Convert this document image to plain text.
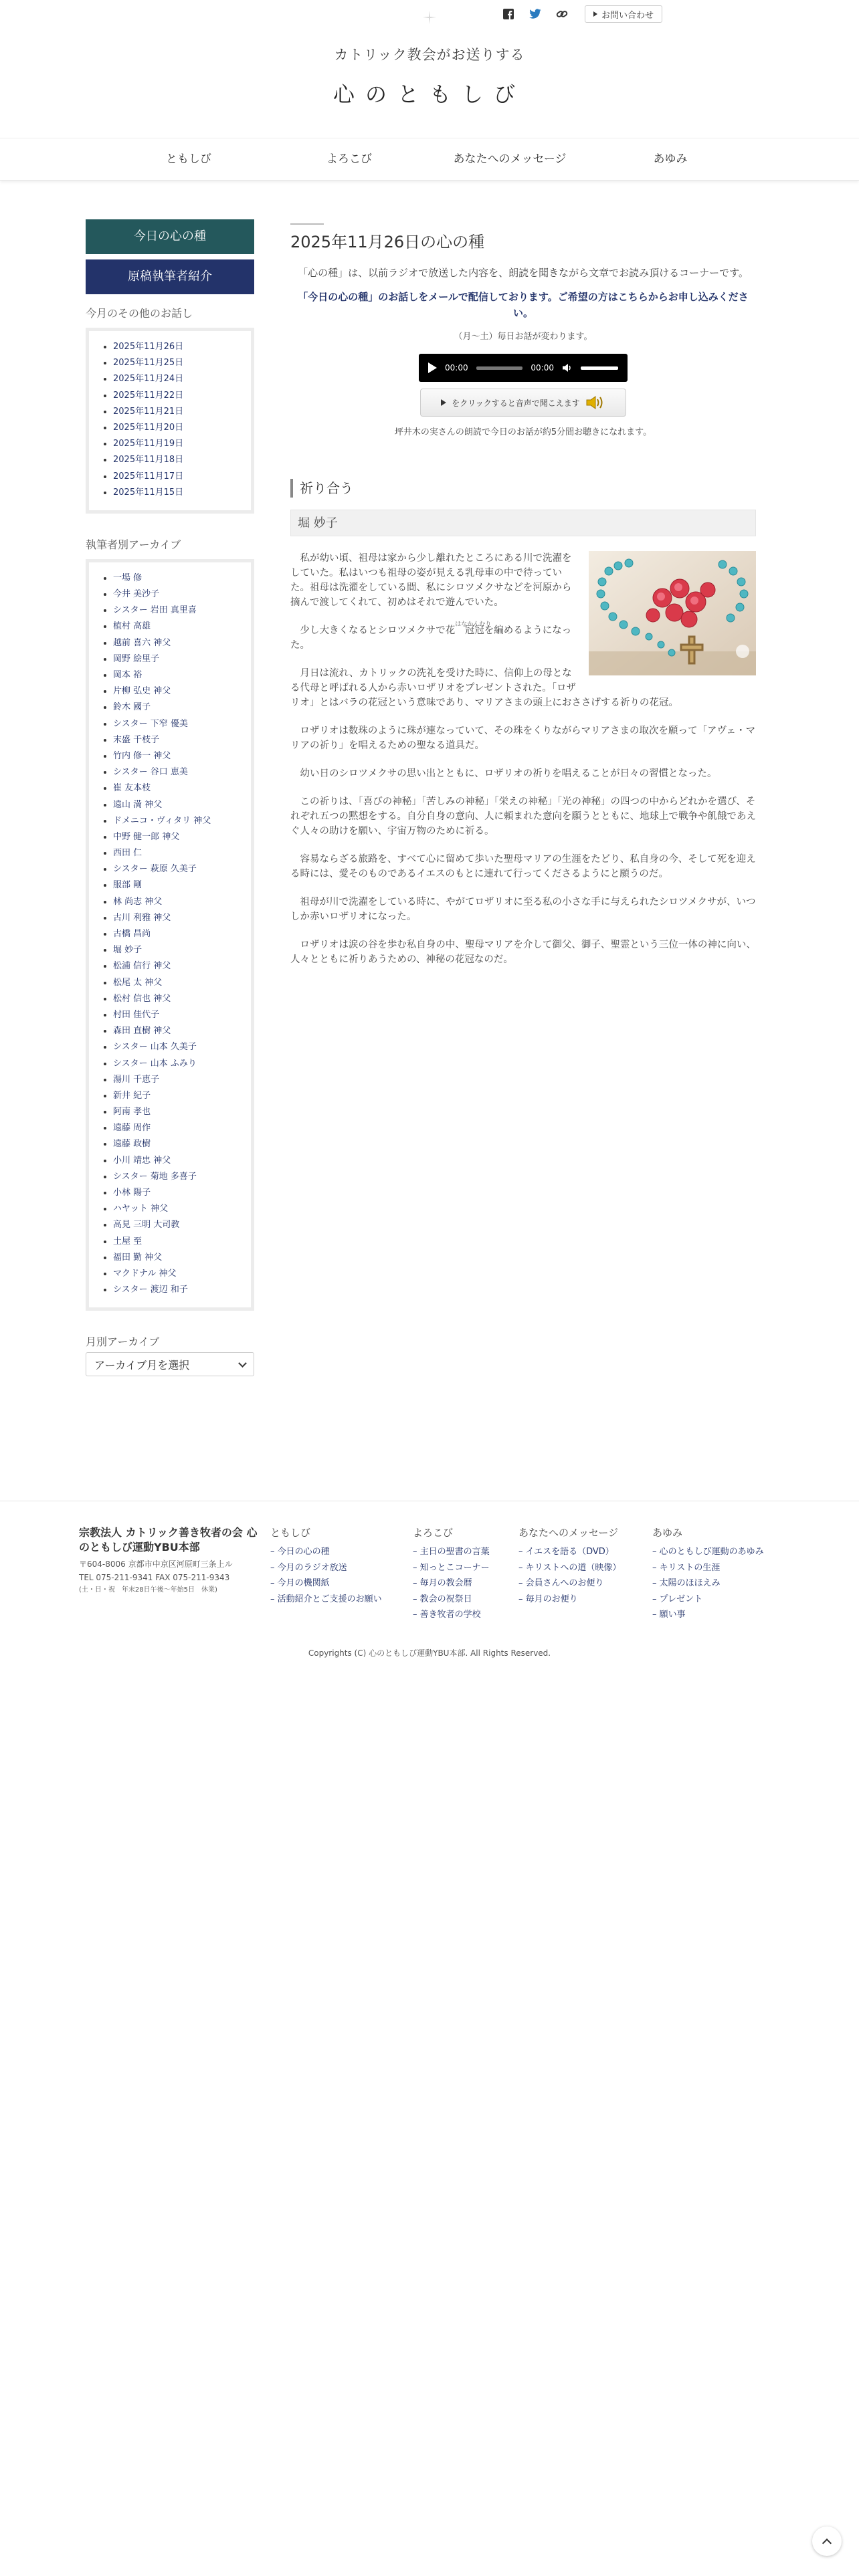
お問い合わせ
カトリック教会がお送りする
心のともしび
ともしび	よろこび	あなたへのメッセージ	あゆみ
今日の心の種
原稿執筆者紹介
今月のその他のお話し
2025年11月26日
2025年11月25日
2025年11月24日
2025年11月22日
2025年11月21日
2025年11月20日
2025年11月19日
2025年11月18日
2025年11月17日
2025年11月15日
執筆者別アーカイブ
一場 修
今井 美沙子
シスター 岩田 真里喜
植村 高雄
越前 喜六 神父
岡野 絵里子
岡本 裕
片柳 弘史 神父
鈴木 國子
シスター 下窄 優美
末盛 千枝子
竹内 修一 神父
シスター 谷口 恵美
崔 友本枝
遠山 満 神父
ドメニコ・ヴィタリ 神父
中野 健一郎 神父
西田 仁
シスター 萩原 久美子
服部 剛
林 尚志 神父
古川 利雅 神父
古橋 昌尚
堀 妙子
松浦 信行 神父
松尾 太 神父
松村 信也 神父
村田 佳代子
森田 直樹 神父
シスター 山本 久美子
シスター 山本 ふみり
湯川 千恵子
新井 紀子
阿南 孝也
遠藤 周作
遠藤 政樹
小川 靖忠 神父
シスター 菊地 多喜子
小林 陽子
ハヤット 神父
高見 三明 大司教
土屋 至
福田 勤 神父
マクドナル 神父
シスター 渡辺 和子
月別アーカイブ
アーカイブ月を選択
2025年11月26日の心の種

「心の種」は、以前ラジオで放送した内容を、朗読を聞きながら文章でお読み頂けるコーナーです。

「今日の心の種」のお話しをメールで配信しております。ご希望の方はこちらからお申し込みください。

（月〜土）毎日お話が変わります。

00:00	00:00
をクリックすると音声で聞こえます

坪井木の実さんの朗読で今日のお話が約5分間お聴きになれます。

祈り合う
堀 妙子

私が幼い頃、祖母は家から少し離れたところにある川で洗濯をしていた。私はいつも祖母の姿が見える乳母車の中で待っていた。祖母は洗濯をしている間、私にシロツメクサなどを河原から摘んで渡してくれて、初めはそれで遊んでいた。

少し大きくなるとシロツメクサで
はなかんむり
花　冠冠を編めるようになった。

月日は流れ、カトリックの洗礼を受けた時に、信仰上の母となる代母と呼ばれる人から赤いロザリオをプレゼントされた。「ロザリオ」とはバラの花冠という意味であり、マリアさまの頭上におささげする祈りの花冠。

ロザリオは数珠のように珠が連なっていて、その珠をくりながらマリアさまの取次を願って「アヴェ・マリアの祈り」を唱えるための聖なる道具だ。

幼い日のシロツメクサの思い出とともに、ロザリオの祈りを唱えることが日々の習慣となった。

この祈りは、「喜びの神秘」「苦しみの神秘」「栄えの神秘」「光の神秘」の四つの中からどれかを選び、それぞれ五つの黙想をする。自分自身の意向、人に頼まれた意向を願うとともに、地球上で戦争や飢餓であえぐ人々の助けを願い、宇宙万物のために祈る。

容易ならざる旅路を、すべて心に留めて歩いた聖母マリアの生涯をたどり、私自身の今、そして死を迎える時には、愛そのものであるイエスのもとに連れて行ってくださるようにと願うのだ。

祖母が川で洗濯をしている時に、やがてロザリオに至る私の小さな手に与えられたシロツメクサが、いつしか赤いロザリオになった。

ロザリオは涙の谷を歩む私自身の中、聖母マリアを介して御父、御子、聖霊という三位一体の神に向い、人々とともに祈りあうための、神秘の花冠なのだ。

宗教法人 カトリック善き牧者の会 心のともしび運動YBU本部
〒604-8006 京都市中京区河原町三条上ル
TEL 075-211-9341 FAX 075-211-9343
(土・日・祝　年末28日午後〜年始5日　休業)
ともしび
– 今日の心の種
– 今月のラジオ放送
– 今月の機関紙
– 活動紹介とご支援のお願い
よろこび
– 主日の聖書の言葉
– 知っとこコーナー
– 毎月の教会暦
– 教会の祝祭日
– 善き牧者の学校
あなたへのメッセージ
– イエスを語る（DVD）
– キリストへの道（映像）
– 会員さんへのお便り
– 毎月のお便り
あゆみ
– 心のともしび運動のあゆみ
– キリストの生涯
– 太陽のほほえみ
– プレゼント
– 願い事
Copyrights (C) 心のともしび運動YBU本部. All Rights Reserved.
